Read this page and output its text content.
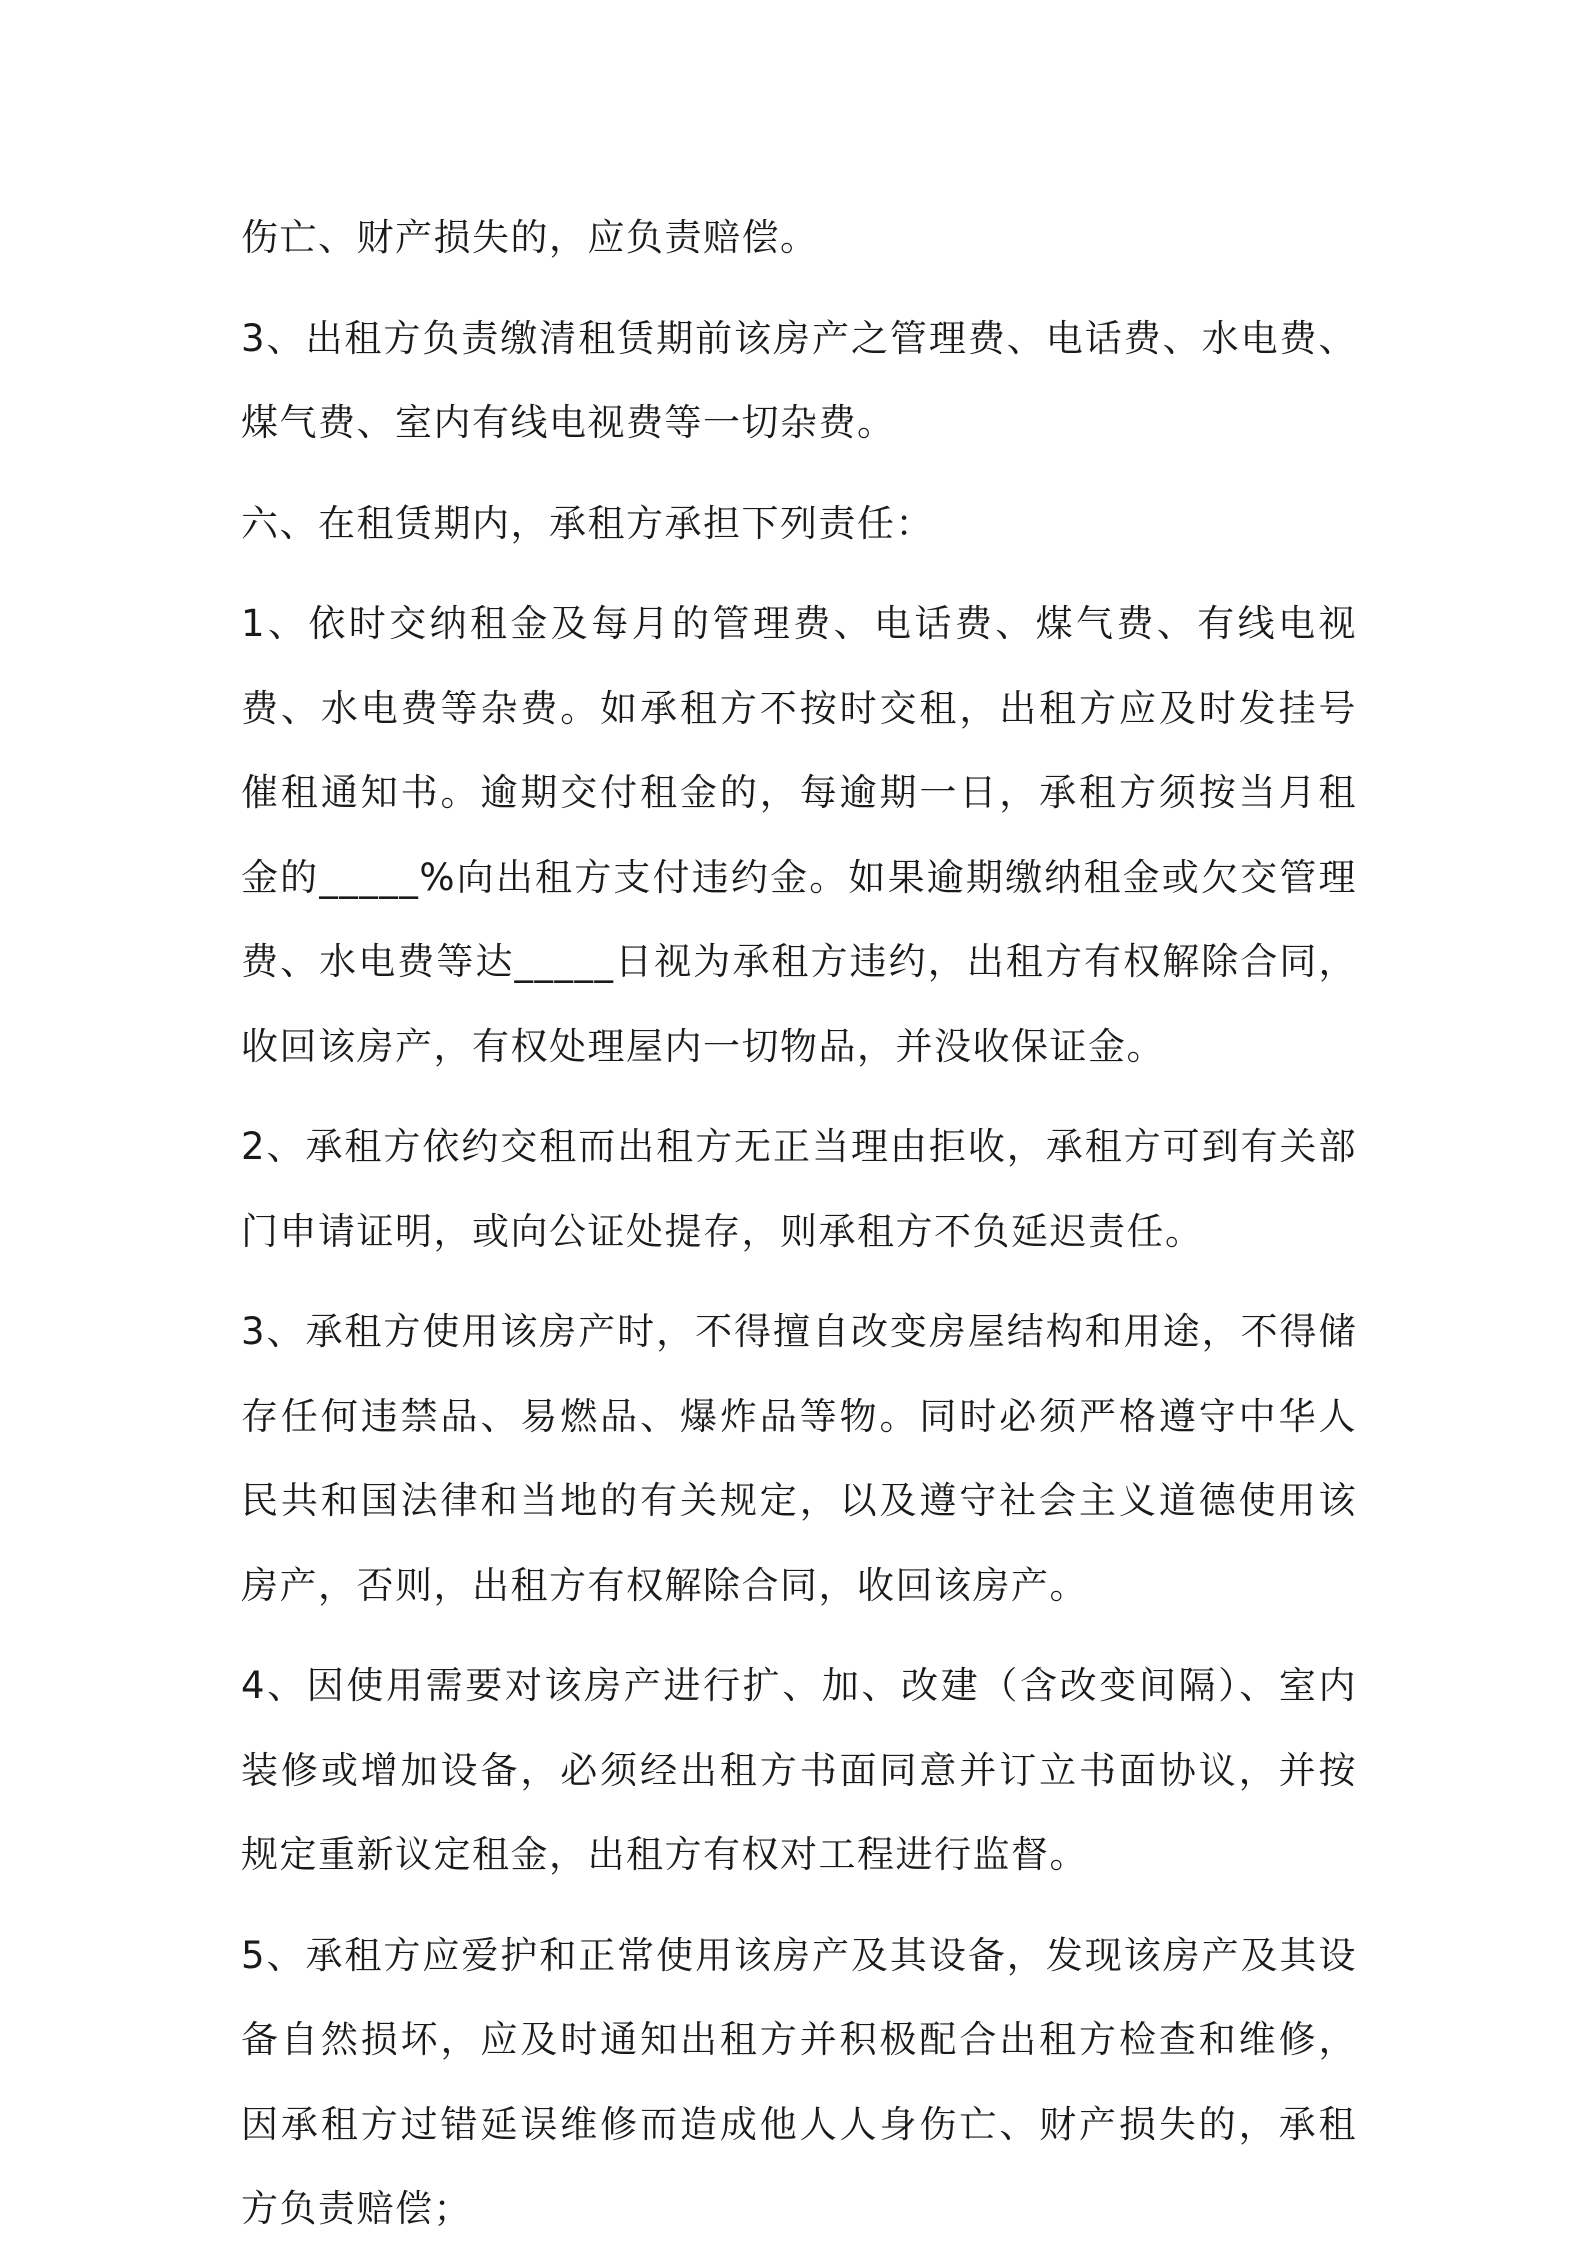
伤亡、财产损失的，应负责赔偿。

3、出租方负责缴清租赁期前该房产之管理费、电话费、水电费、煤气费、室内有线电视费等一切杂费。

六、在租赁期内，承租方承担下列责任：

1、依时交纳租金及每月的管理费、电话费、煤气费、有线电视费、水电费等杂费。如承租方不按时交租，出租方应及时发挂号催租通知书。逾期交付租金的，每逾期一日，承租方须按当月租金的_____%向出租方支付违约金。如果逾期缴纳租金或欠交管理费、水电费等达_____日视为承租方违约，出租方有权解除合同，收回该房产，有权处理屋内一切物品，并没收保证金。

2、承租方依约交租而出租方无正当理由拒收，承租方可到有关部门申请证明，或向公证处提存，则承租方不负延迟责任。

3、承租方使用该房产时，不得擅自改变房屋结构和用途，不得储存任何违禁品、易燃品、爆炸品等物。同时必须严格遵守中华人民共和国法律和当地的有关规定，以及遵守社会主义道德使用该房产，否则，出租方有权解除合同，收回该房产。

4、因使用需要对该房产进行扩、加、改建（含改变间隔）、室内装修或增加设备，必须经出租方书面同意并订立书面协议，并按规定重新议定租金，出租方有权对工程进行监督。

5、承租方应爱护和正常使用该房产及其设备，发现该房产及其设备自然损坏，应及时通知出租方并积极配合出租方检查和维修，因承租方过错延误维修而造成他人人身伤亡、财产损失的，承租方负责赔偿；
